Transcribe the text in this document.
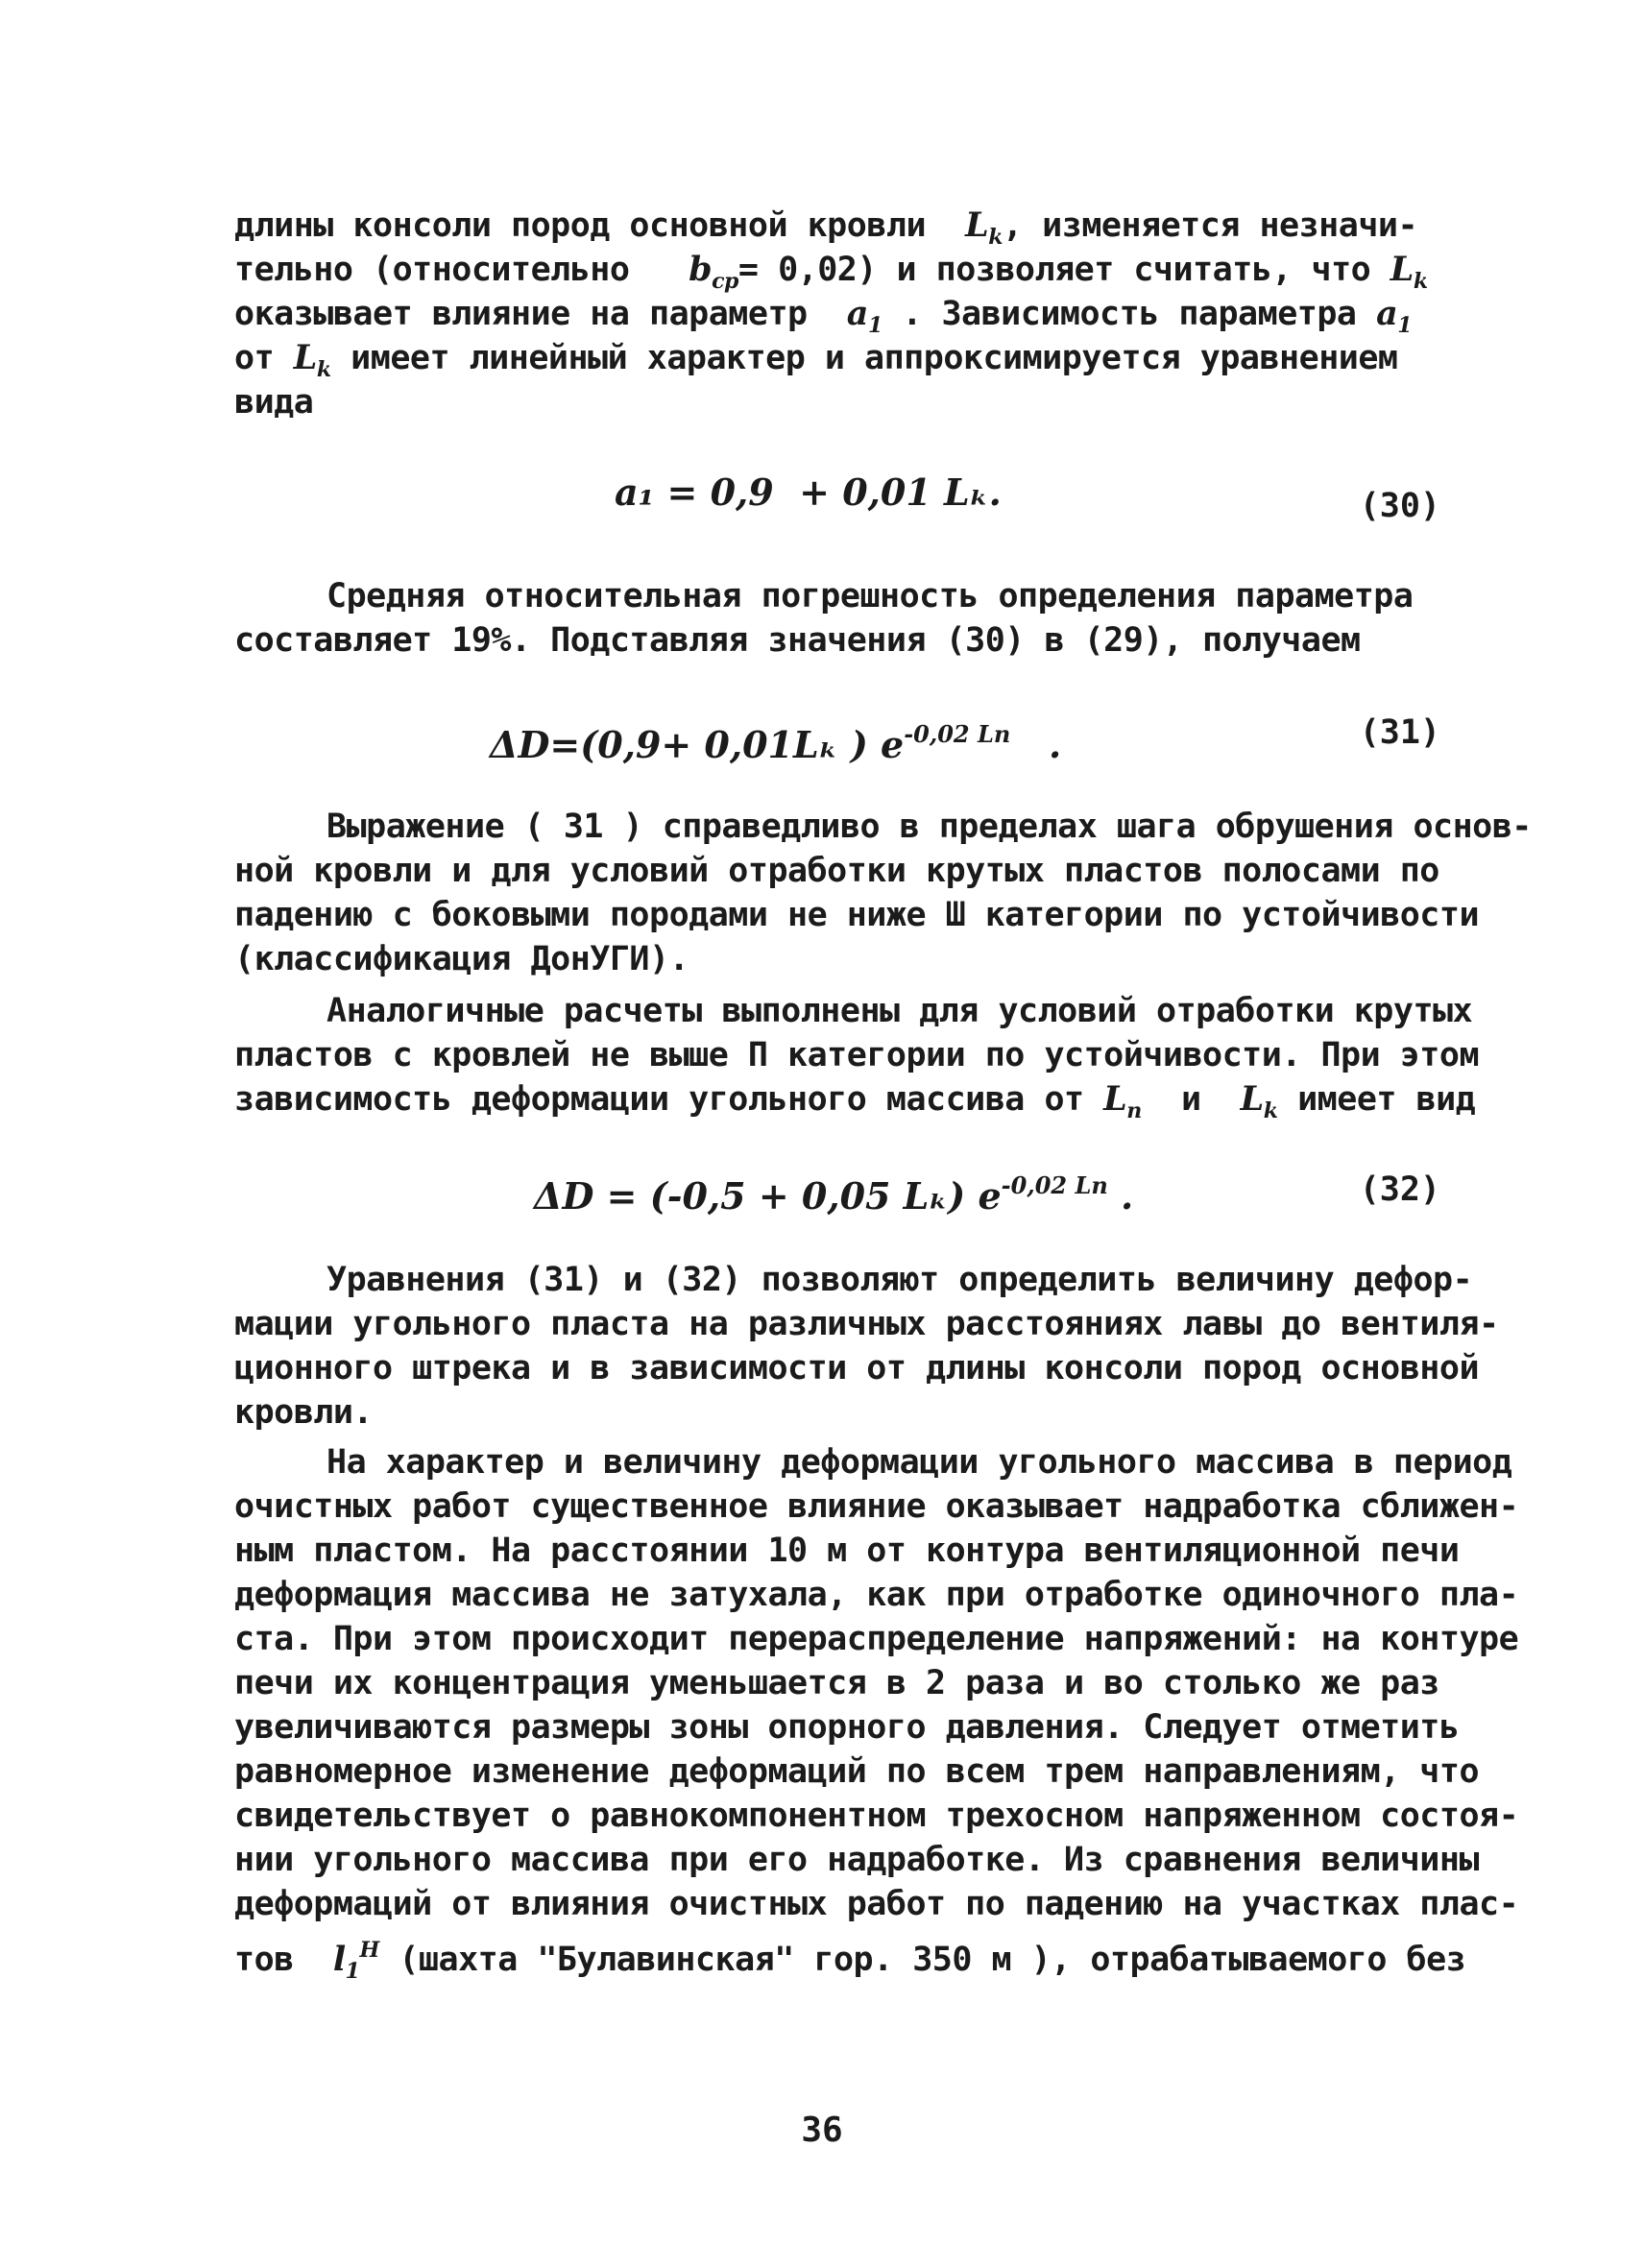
длины консоли пород основной кровли $L_k$, изменяется незначи-
тельно (относительно $b_{cp}= 0,02$) и позволяет считать, что $L_k$
оказывает влияние на параметр $a_1$ . Зависимость параметра $a_1$
от $L_k$ имеет линейный характер и аппроксимируется уравнением
вида
a₁ = 0,9  + 0,01 Lₖ.	(30)
Средняя относительная погрешность определения параметра
составляет 19%. Подставляя значения (30) в (29), получаем
ΔD=(0,9+ 0,01Lₖ ) $e^{-0,02 Lп}$ .	(31)
Выражение ( 31 ) справедливо в пределах шага обрушения основ-
ной кровли и для условий отработки крутых пластов полосами по
падению с боковыми породами не ниже Ш категории по устойчивости
(классификация ДонУГИ).
Аналогичные расчеты выполнены для условий отработки крутых
пластов с кровлей не выше П категории по устойчивости. При этом
зависимость деформации угольного массива от $L_п$ и $L_k$ имеет вид
ΔD = (-0,5 + 0,05 Lₖ) $e^{-0,02 Lп}$ .	(32)
Уравнения (31) и (32) позволяют определить величину дефор-
мации угольного пласта на различных расстояниях лавы до вентиля-
ционного штрека и в зависимости от длины консоли пород основной
кровли.
На характер и величину деформации угольного массива в период
очистных работ существенное влияние оказывает надработка сближен-
ным пластом. На расстоянии 10 м от контура вентиляционной печи
деформация массива не затухала, как при отработке одиночного пла-
ста. При этом происходит перераспределение напряжений: на контуре
печи их концентрация уменьшается в 2 раза и во столько же раз
увеличиваются размеры зоны опорного давления. Следует отметить
равномерное изменение деформаций по всем трем направлениям, что
свидетельствует о равнокомпонентном трехосном напряженном состоя-
нии угольного массива при его надработке. Из сравнения величины
деформаций от влияния очистных работ по падению на участках плас-
тов $l_1^H$ (шахта "Булавинская" гор. 350 м ), отрабатываемого без
36
